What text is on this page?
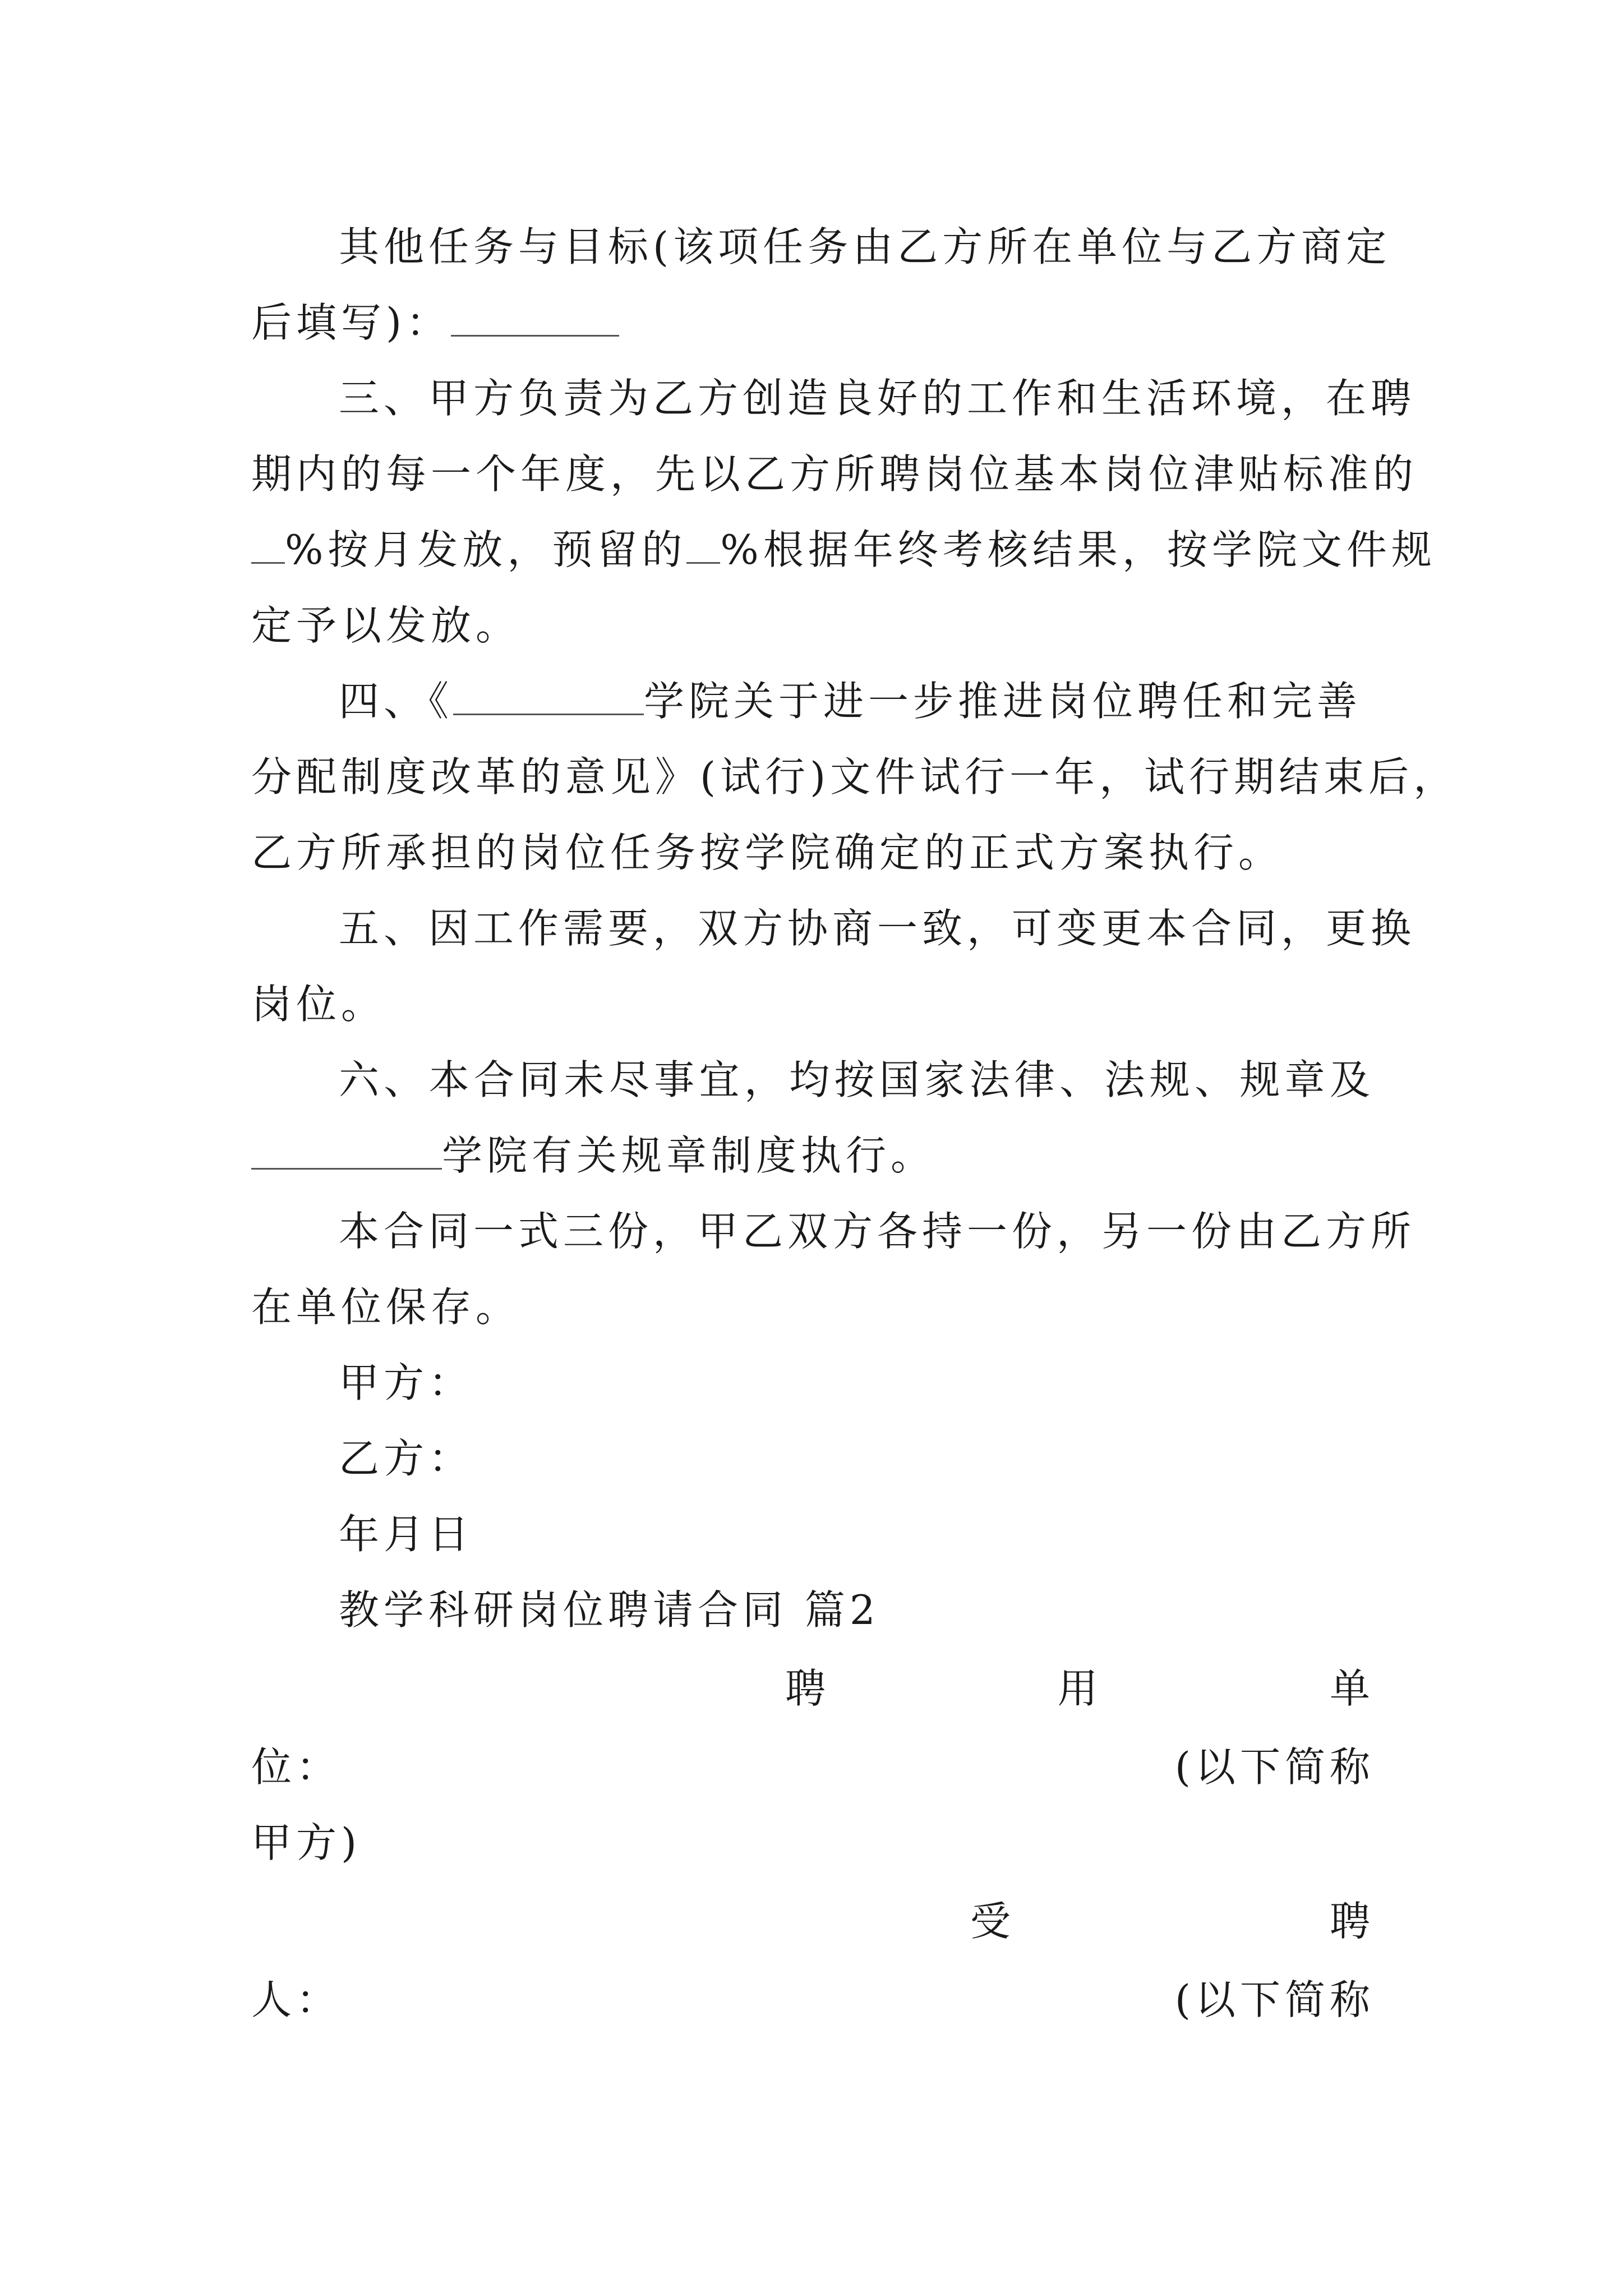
其他任务与目标(该项任务由乙方所在单位与乙方商定
后填写)：
三、甲方负责为乙方创造良好的工作和生活环境，在聘
期内的每一个年度，先以乙方所聘岗位基本岗位津贴标准的
%按月发放，预留的 %根据年终考核结果，按学院文件规
定予以发放。
四、《	学院关于进一步推进岗位聘任和完善
分配制度改革的意见》(试行)文件试行一年，试行期结束后，
乙方所承担的岗位任务按学院确定的正式方案执行。
五、因工作需要，双方协商一致，可变更本合同，更换
岗位。
六、本合同未尽事宜，均按国家法律、法规、规章及
学院有关规章制度执行。
本合同一式三份，甲乙双方各持一份，另一份由乙方所
在单位保存。
甲方：
乙方：
年月日
教学科研岗位聘请合同 篇2
聘	用	单
位：	(以下简称
甲方)
受	聘
人：	(以下简称
